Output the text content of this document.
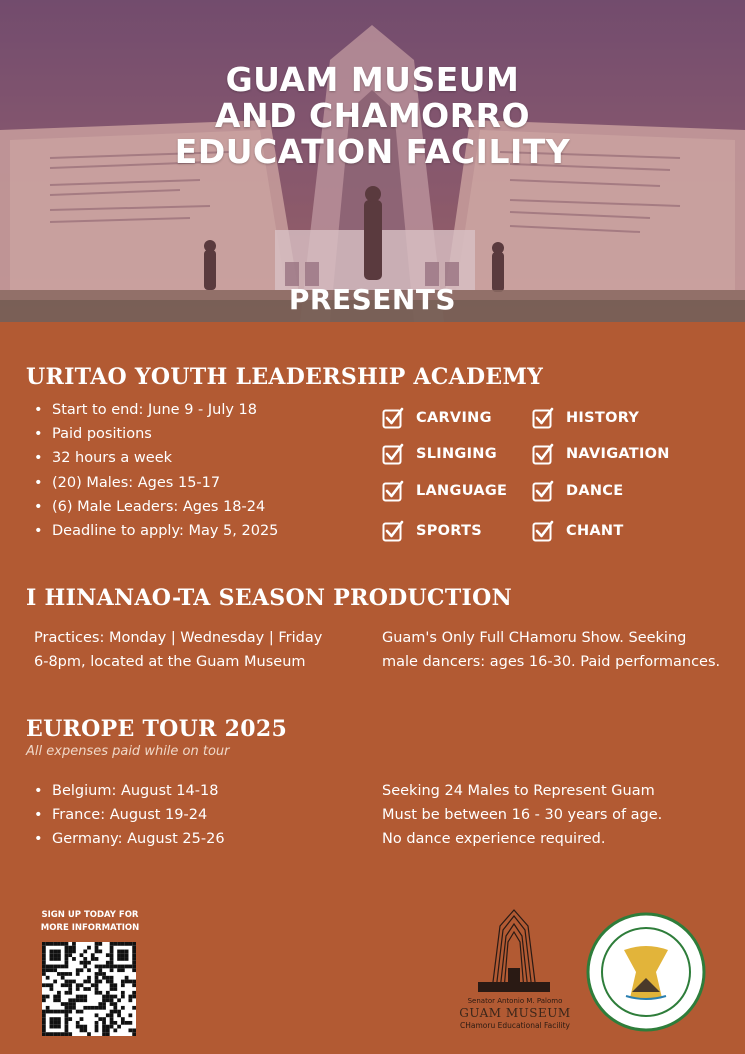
GUAM MUSEUM
AND CHAMORRO
EDUCATION FACILITY
PRESENTS
URITAO YOUTH LEADERSHIP ACADEMY
• Start to end: June 9 - July 18
• Paid positions
• 32 hours a week
• (20) Males: Ages 15-17
• (6) Male Leaders: Ages 18-24
• Deadline to apply: May 5, 2025
CARVING
SLINGING
LANGUAGE
SPORTS
HISTORY
NAVIGATION
DANCE
CHANT
I HINANAO-TA SEASON PRODUCTION
Practices: Monday | Wednesday | Friday
6-8pm, located at the Guam Museum
Guam's Only Full CHamoru Show. Seeking
male dancers: ages 16-30. Paid performances.
EUROPE TOUR 2025
All expenses paid while on tour
• Belgium: August 14-18
• France: August 19-24
• Germany: August 25-26
Seeking 24 Males to Represent Guam
Must be between 16 - 30 years of age.
No dance experience required.
SIGN UP TODAY FOR
MORE INFORMATION
Senator Antonio M. Palomo
GUAM MUSEUM
CHamoru Educational Facility
